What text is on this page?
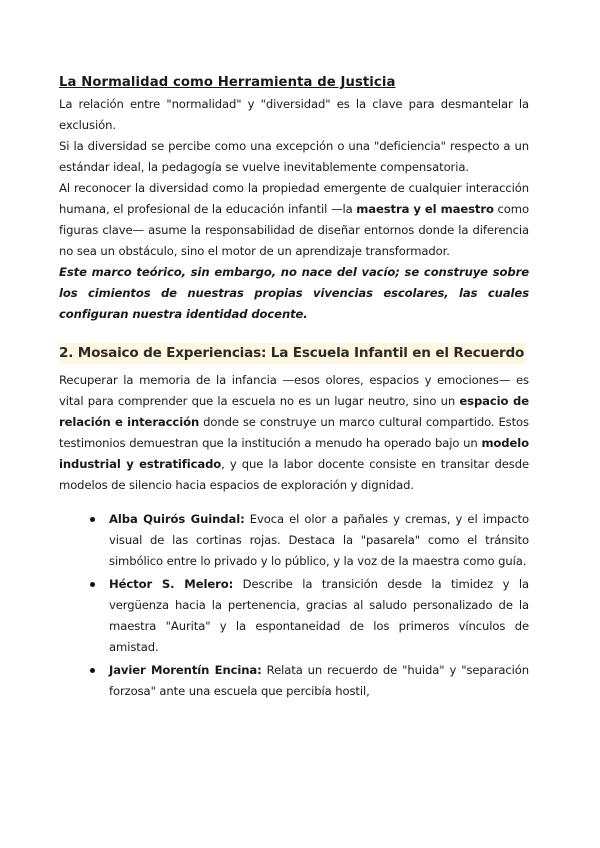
La Normalidad como Herramienta de Justicia

La relación entre "normalidad" y "diversidad" es la clave para desmantelar la exclusión.

Si la diversidad se percibe como una excepción o una "deficiencia" respecto a un estándar ideal, la pedagogía se vuelve inevitablemente compensatoria.

Al reconocer la diversidad como la propiedad emergente de cualquier interacción humana, el profesional de la educación infantil —la maestra y el maestro como figuras clave— asume la responsabilidad de diseñar entornos donde la diferencia no sea un obstáculo, sino el motor de un aprendizaje transformador.

Este marco teórico, sin embargo, no nace del vacío; se construye sobre los cimientos de nuestras propias vivencias escolares, las cuales configuran nuestra identidad docente.

2. Mosaico de Experiencias: La Escuela Infantil en el Recuerdo

Recuperar la memoria de la infancia —esos olores, espacios y emociones— es vital para comprender que la escuela no es un lugar neutro, sino un espacio de relación e interacción donde se construye un marco cultural compartido. Estos testimonios demuestran que la institución a menudo ha operado bajo un modelo industrial y estratificado, y que la labor docente consiste en transitar desde modelos de silencio hacia espacios de exploración y dignidad.

Alba Quirós Guindal: Evoca el olor a pañales y cremas, y el impacto visual de las cortinas rojas. Destaca la "pasarela" como el tránsito simbólico entre lo privado y lo público, y la voz de la maestra como guía.
Héctor S. Melero: Describe la transición desde la timidez y la vergüenza hacia la pertenencia, gracias al saludo personalizado de la maestra "Aurita" y la espontaneidad de los primeros vínculos de amistad.
Javier Morentín Encina: Relata un recuerdo de "huida" y "separación forzosa" ante una escuela que percibía hostil,
